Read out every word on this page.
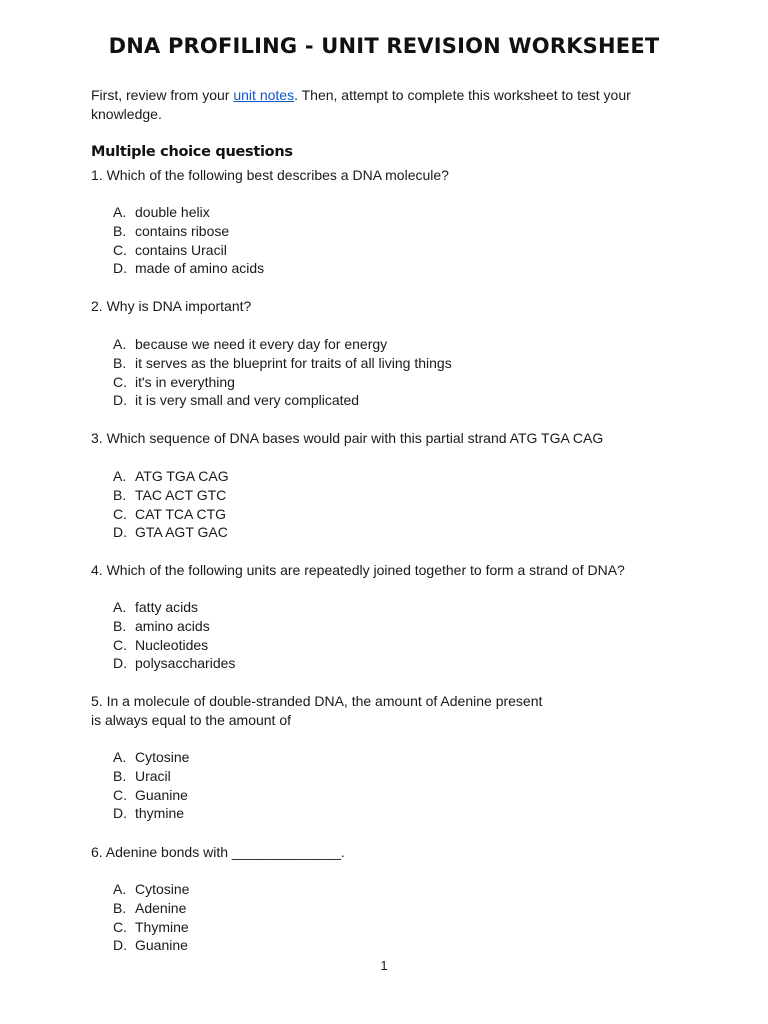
DNA PROFILING - UNIT REVISION WORKSHEET
First, review from your unit notes. Then, attempt to complete this worksheet to test your knowledge.
Multiple choice questions

1. Which of the following best describes a DNA molecule?

A. double helix
B. contains ribose
C. contains Uracil
D. made of amino acids

2. Why is DNA important?

A. because we need it every day for energy
B. it serves as the blueprint for traits of all living things
C. it's in everything
D. it is very small and very complicated

3. Which sequence of DNA bases would pair with this partial strand ATG TGA CAG

A. ATG TGA CAG
B. TAC ACT GTC
C. CAT TCA CTG
D. GTA AGT GAC

4. Which of the following units are repeatedly joined together to form a strand of DNA?

A. fatty acids
B. amino acids
C. Nucleotides
D. polysaccharides

5. In a molecule of double-stranded DNA, the amount of Adenine present
is always equal to the amount of

A. Cytosine
B. Uracil
C. Guanine
D. thymine

6. Adenine bonds with ______________.

A. Cytosine
B. Adenine
C. Thymine
D. Guanine
1
